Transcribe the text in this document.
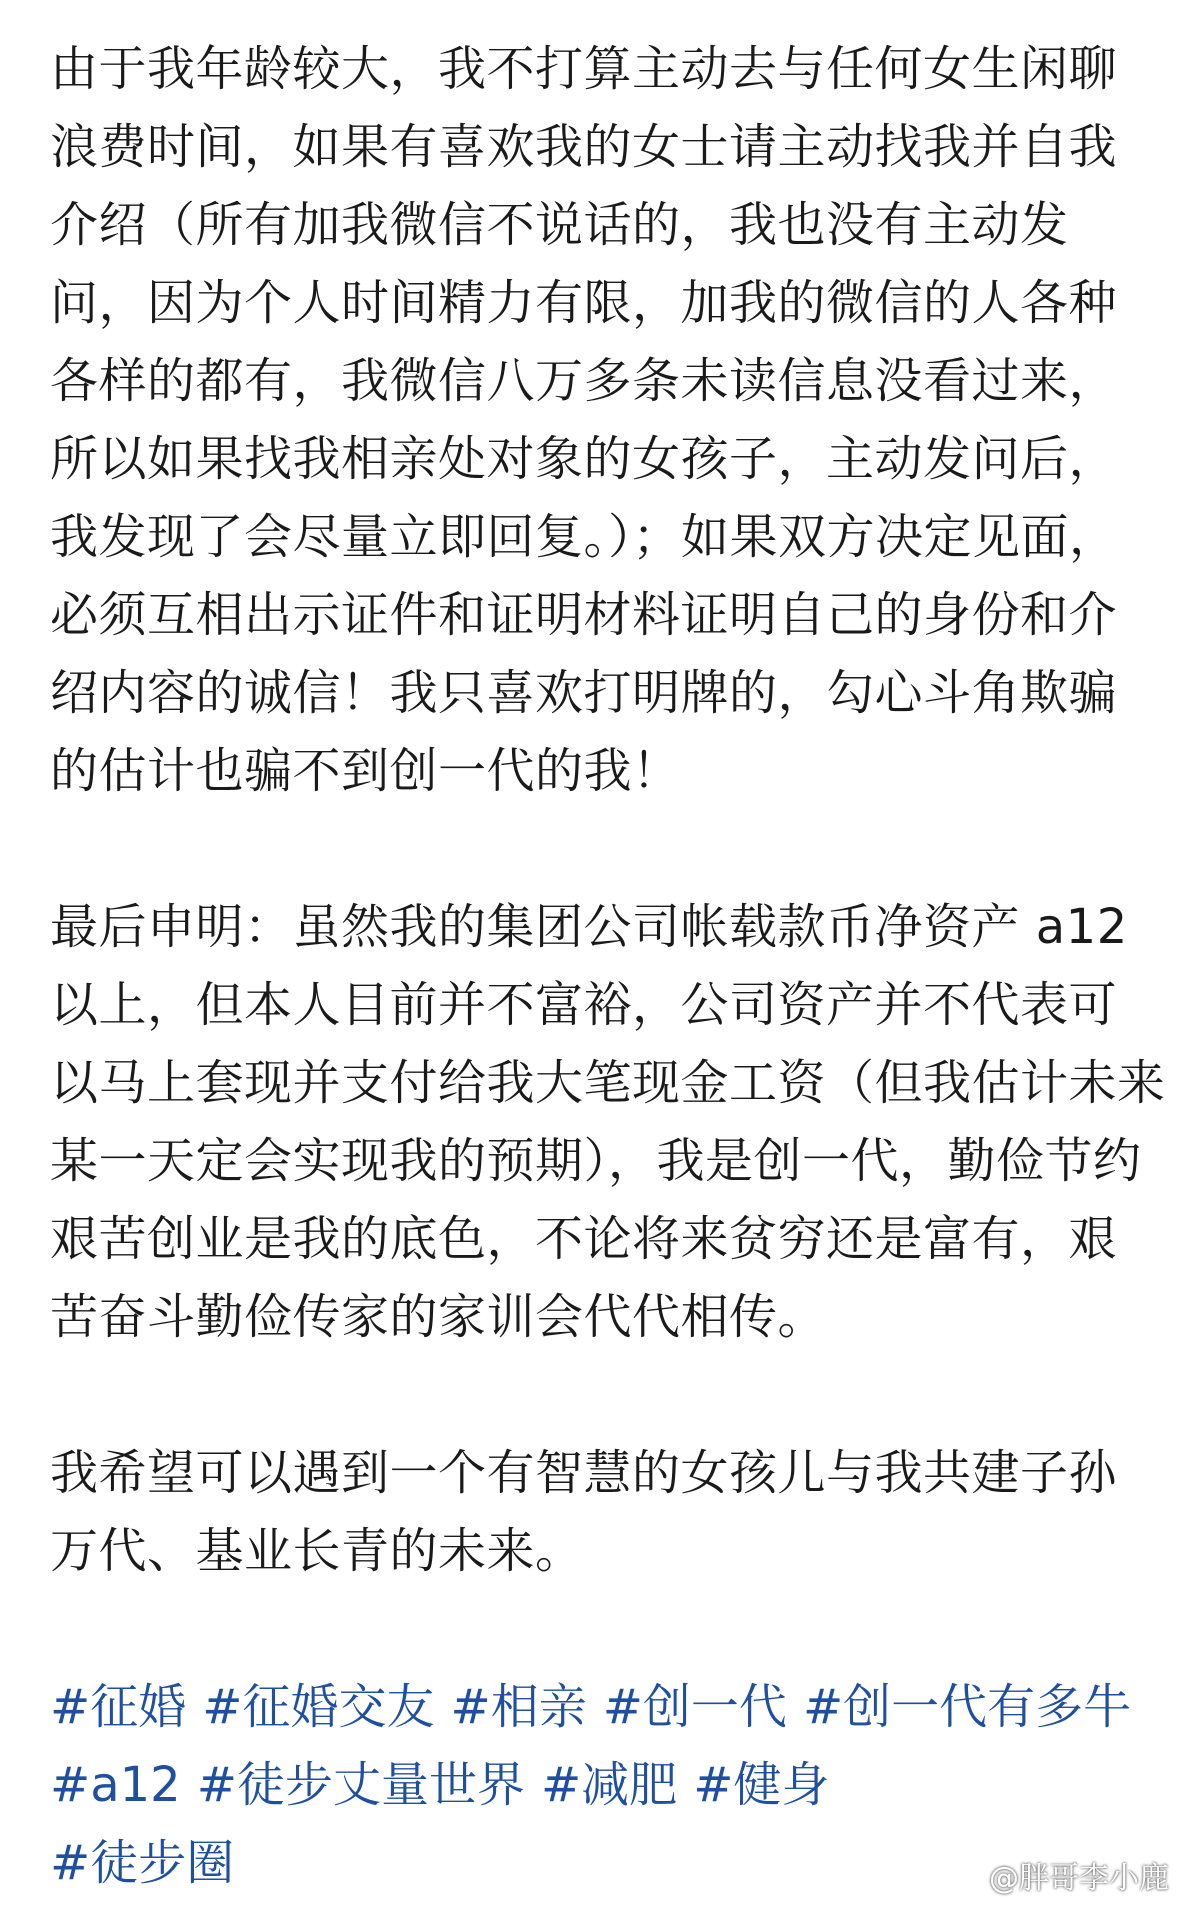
由于我年龄较大，我不打算主动去与任何女生闲聊
浪费时间，如果有喜欢我的女士请主动找我并自我
介绍（所有加我微信不说话的，我也没有主动发
问，因为个人时间精力有限，加我的微信的人各种
各样的都有，我微信八万多条未读信息没看过来，
所以如果找我相亲处对象的女孩子，主动发问后，
我发现了会尽量立即回复。）；如果双方决定见面，
必须互相出示证件和证明材料证明自己的身份和介
绍内容的诚信！我只喜欢打明牌的，勾心斗角欺骗
的估计也骗不到创一代的我！
最后申明：虽然我的集团公司帐载款币净资产 a12
以上，但本人目前并不富裕，公司资产并不代表可
以马上套现并支付给我大笔现金工资（但我估计未来
某一天定会实现我的预期），我是创一代，勤俭节约
艰苦创业是我的底色，不论将来贫穷还是富有，艰
苦奋斗勤俭传家的家训会代代相传。
我希望可以遇到一个有智慧的女孩儿与我共建子孙
万代、基业长青的未来。
#征婚 #征婚交友 #相亲 #创一代 #创一代有多牛
#a12 #徒步丈量世界 #减肥 #健身
#徒步圈	@胖哥李小鹿
